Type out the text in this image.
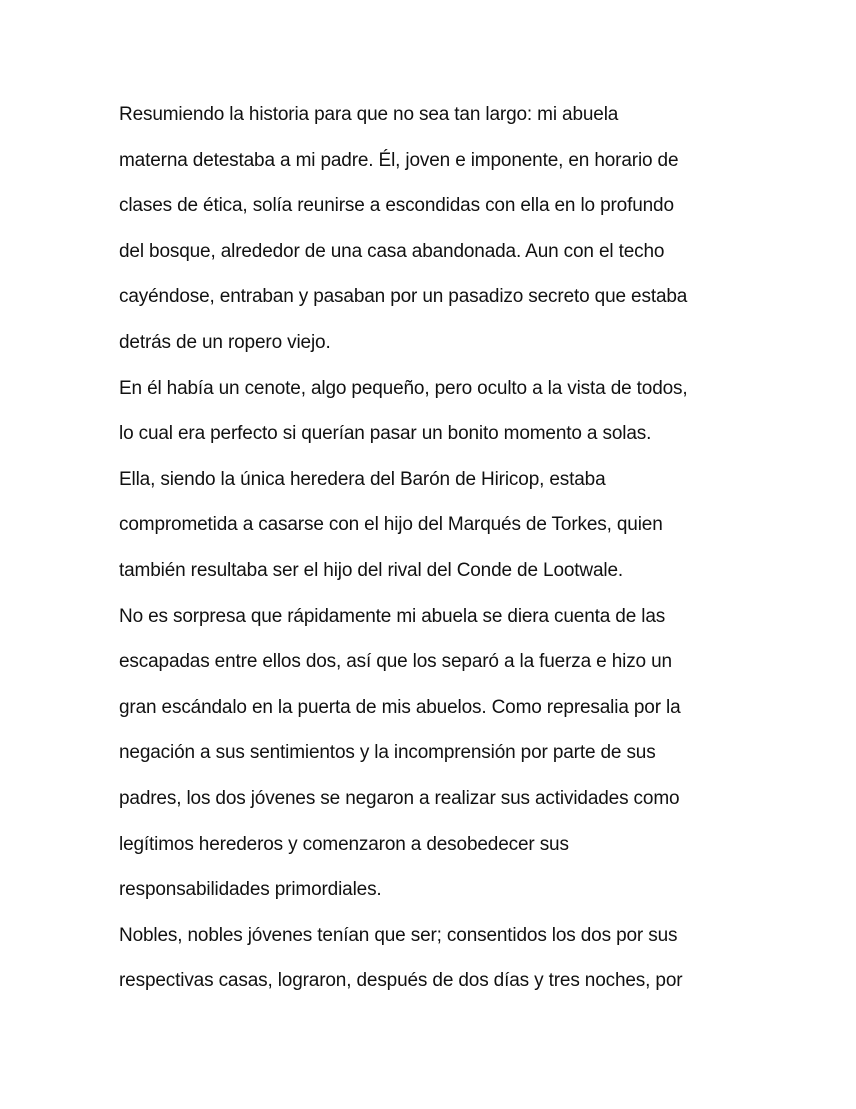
Resumiendo la historia para que no sea tan largo: mi abuela
materna detestaba a mi padre. Él, joven e imponente, en horario de
clases de ética, solía reunirse a escondidas con ella en lo profundo
del bosque, alrededor de una casa abandonada. Aun con el techo
cayéndose, entraban y pasaban por un pasadizo secreto que estaba
detrás de un ropero viejo.
En él había un cenote, algo pequeño, pero oculto a la vista de todos,
lo cual era perfecto si querían pasar un bonito momento a solas.
Ella, siendo la única heredera del Barón de Hiricop, estaba
comprometida a casarse con el hijo del Marqués de Torkes, quien
también resultaba ser el hijo del rival del Conde de Lootwale.
No es sorpresa que rápidamente mi abuela se diera cuenta de las
escapadas entre ellos dos, así que los separó a la fuerza e hizo un
gran escándalo en la puerta de mis abuelos. Como represalia por la
negación a sus sentimientos y la incomprensión por parte de sus
padres, los dos jóvenes se negaron a realizar sus actividades como
legítimos herederos y comenzaron a desobedecer sus
responsabilidades primordiales.
Nobles, nobles jóvenes tenían que ser; consentidos los dos por sus
respectivas casas, lograron, después de dos días y tres noches, por
